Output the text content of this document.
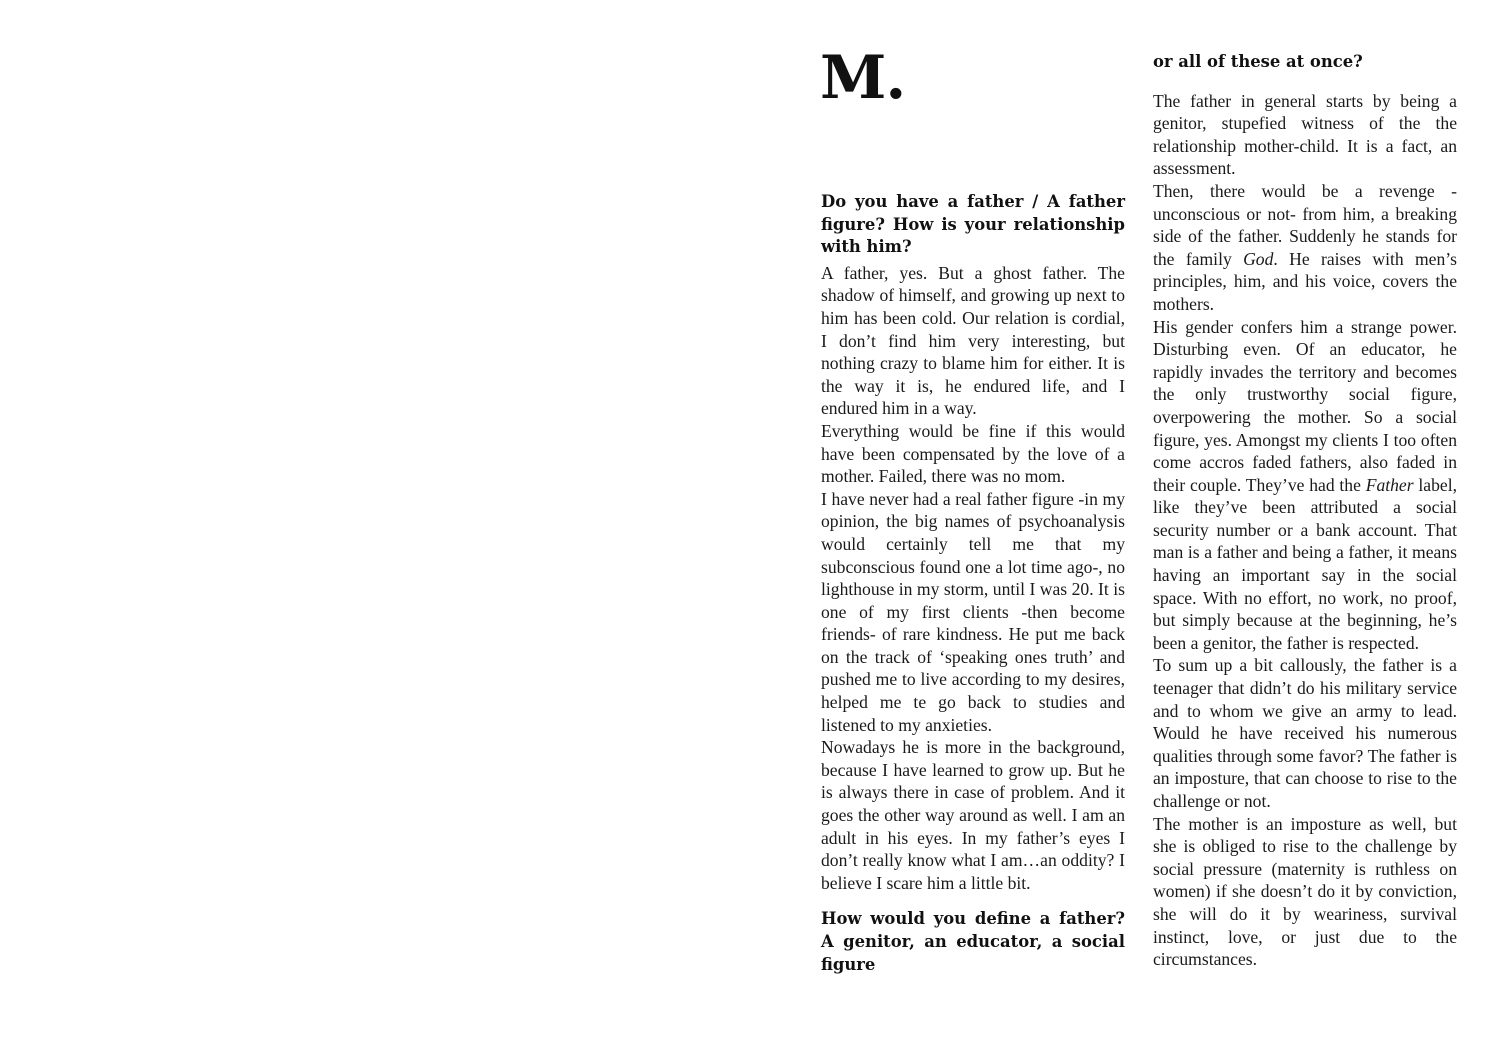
M.

Do you have a father / A father figure? How is your relationship with him?

A father, yes. But a ghost father. The shadow of himself, and growing up next to him has been cold. Our relation is cordial, I don’t find him very interesting, but nothing crazy to blame him for either. It is the way it is, he endured life, and I endured him in a way.

Everything would be fine if this would have been compensated by the love of a mother. Failed, there was no mom.

I have never had a real father figure -in my opinion, the big names of psychoanalysis would certainly tell me that my subconscious found one a lot time ago-, no lighthouse in my storm, until I was 20. It is one of my first clients -then become friends- of rare kindness. He put me back on the track of ‘speaking ones truth’ and pushed me to live according to my desires, helped me te go back to studies and listened to my anxieties.

Nowadays he is more in the background, because I have learned to grow up. But he is always there in case of problem. And it goes the other way around as well. I am an adult in his eyes. In my father’s eyes I don’t really know what I am…an oddity? I believe I scare him a little bit.

How would you define a father? A genitor, an educator, a social figure

or all of these at once?

The father in general starts by being a genitor, stupefied witness of the the relationship mother-child. It is a fact, an assessment.

Then, there would be a revenge -unconscious or not- from him, a breaking side of the father. Suddenly he stands for the family God. He raises with men’s principles, him, and his voice, covers the mothers.

His gender confers him a strange power. Disturbing even. Of an educator, he rapidly invades the territory and becomes the only trustworthy social figure, overpowering the mother. So a social figure, yes. Amongst my clients I too often come accros faded fathers, also faded in their couple. They’ve had the Father label, like they’ve been attributed a social security number or a bank account. That man is a father and being a father, it means having an important say in the social space. With no effort, no work, no proof, but simply because at the beginning, he’s been a genitor, the father is respected.

To sum up a bit callously, the father is a teenager that didn’t do his military service and to whom we give an army to lead. Would he have received his numerous qualities through some favor? The father is an imposture, that can choose to rise to the challenge or not.

The mother is an imposture as well, but she is obliged to rise to the challenge by social pressure (maternity is ruthless on women) if she doesn’t do it by conviction, she will do it by weariness, survival instinct, love, or just due to the circumstances.
